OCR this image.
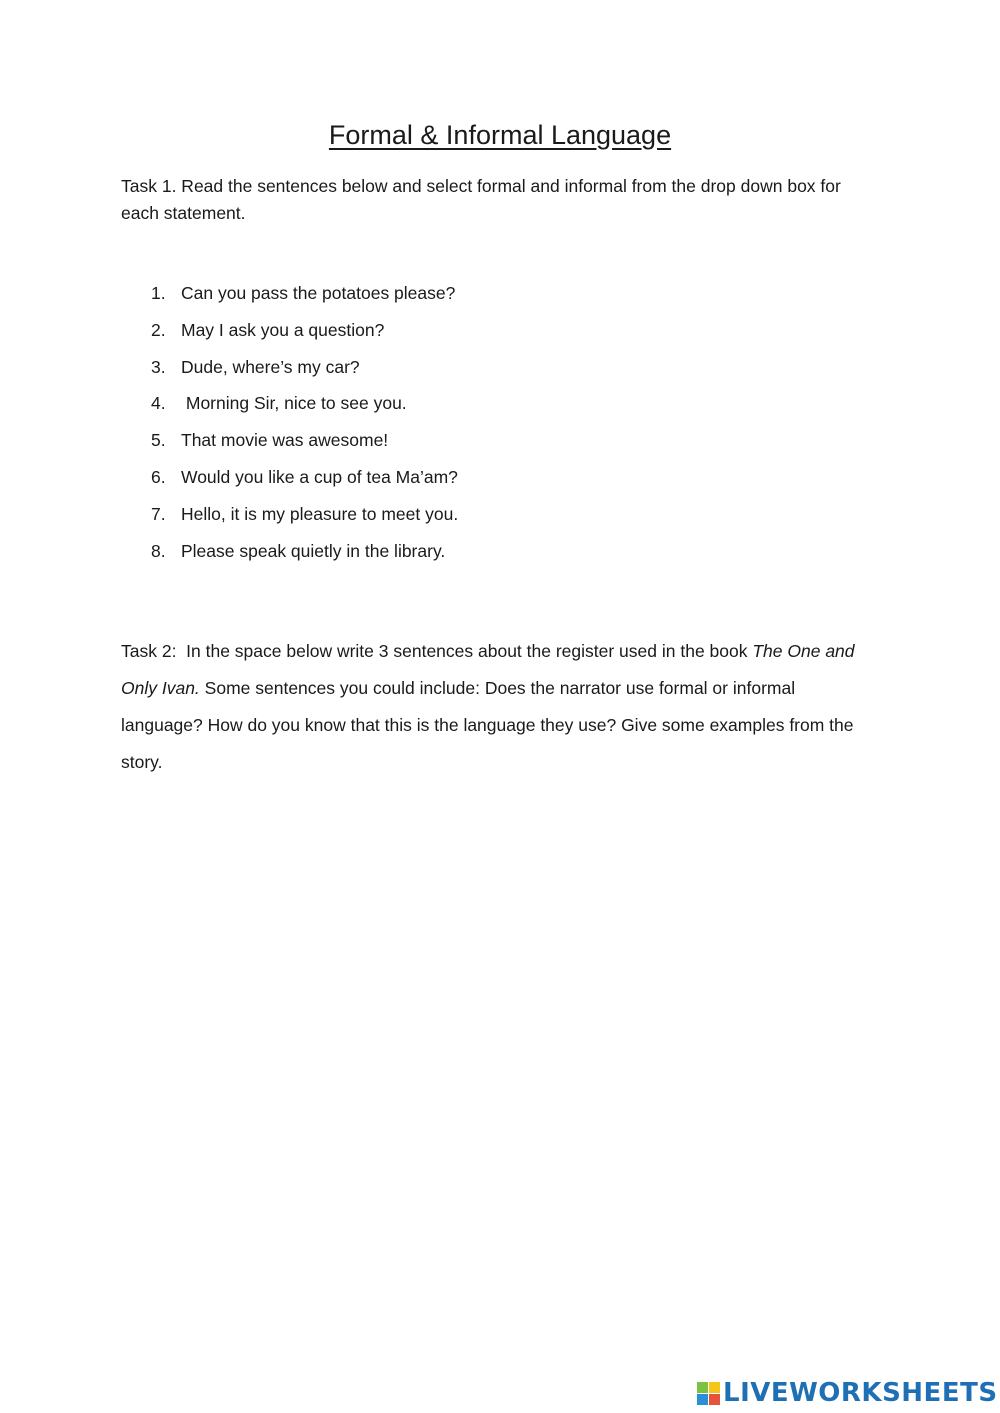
Formal & Informal Language

Task 1. Read the sentences below and select formal and informal from the drop down box for each statement.

1. Can you pass the potatoes please?
2. May I ask you a question?
3. Dude, where’s my car?
4. Morning Sir, nice to see you.
5. That movie was awesome!
6. Would you like a cup of tea Ma’am?
7. Hello, it is my pleasure to meet you.
8. Please speak quietly in the library.

Task 2:  In the space below write 3 sentences about the register used in the book The One and Only Ivan. Some sentences you could include: Does the narrator use formal or informal language? How do you know that this is the language they use? Give some examples from the story.

LIVEWORKSHEETS
